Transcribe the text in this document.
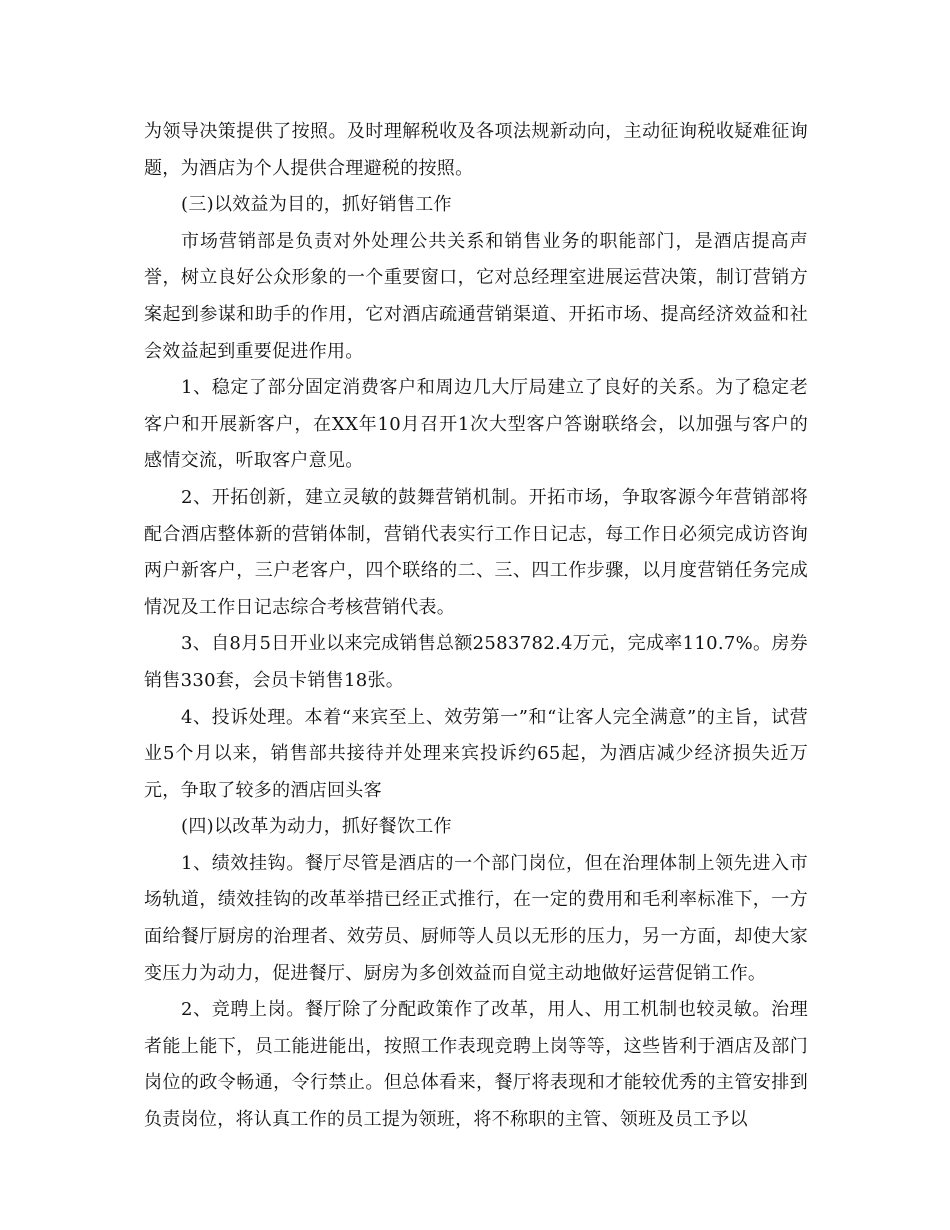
为领导决策提供了按照。及时理解税收及各项法规新动向，主动征询税收疑难征询题，为酒店为个人提供合理避税的按照。

(三)以效益为目的，抓好销售工作

市场营销部是负责对外处理公共关系和销售业务的职能部门，是酒店提高声誉，树立良好公众形象的一个重要窗口，它对总经理室进展运营决策，制订营销方案起到参谋和助手的作用，它对酒店疏通营销渠道、开拓市场、提高经济效益和社会效益起到重要促进作用。

1、稳定了部分固定消费客户和周边几大厅局建立了良好的关系。为了稳定老客户和开展新客户，在XX年10月召开1次大型客户答谢联络会，以加强与客户的感情交流，听取客户意见。

2、开拓创新，建立灵敏的鼓舞营销机制。开拓市场，争取客源今年营销部将配合酒店整体新的营销体制，营销代表实行工作日记志，每工作日必须完成访咨询两户新客户，三户老客户，四个联络的二、三、四工作步骤，以月度营销任务完成情况及工作日记志综合考核营销代表。

3、自8月5日开业以来完成销售总额2583782.4万元，完成率110.7%。房券销售330套，会员卡销售18张。

4、投诉处理。本着“来宾至上、效劳第一”和“让客人完全满意”的主旨，试营业5个月以来，销售部共接待并处理来宾投诉约65起，为酒店减少经济损失近万元，争取了较多的酒店回头客

(四)以改革为动力，抓好餐饮工作

1、绩效挂钩。餐厅尽管是酒店的一个部门岗位，但在治理体制上领先进入市场轨道，绩效挂钩的改革举措已经正式推行，在一定的费用和毛利率标准下，一方面给餐厅厨房的治理者、效劳员、厨师等人员以无形的压力，另一方面，却使大家变压力为动力，促进餐厅、厨房为多创效益而自觉主动地做好运营促销工作。

2、竞聘上岗。餐厅除了分配政策作了改革，用人、用工机制也较灵敏。治理者能上能下，员工能进能出，按照工作表现竞聘上岗等等，这些皆利于酒店及部门岗位的政令畅通，令行禁止。但总体看来，餐厅将表现和才能较优秀的主管安排到负责岗位，将认真工作的员工提为领班，将不称职的主管、领班及员工予以
